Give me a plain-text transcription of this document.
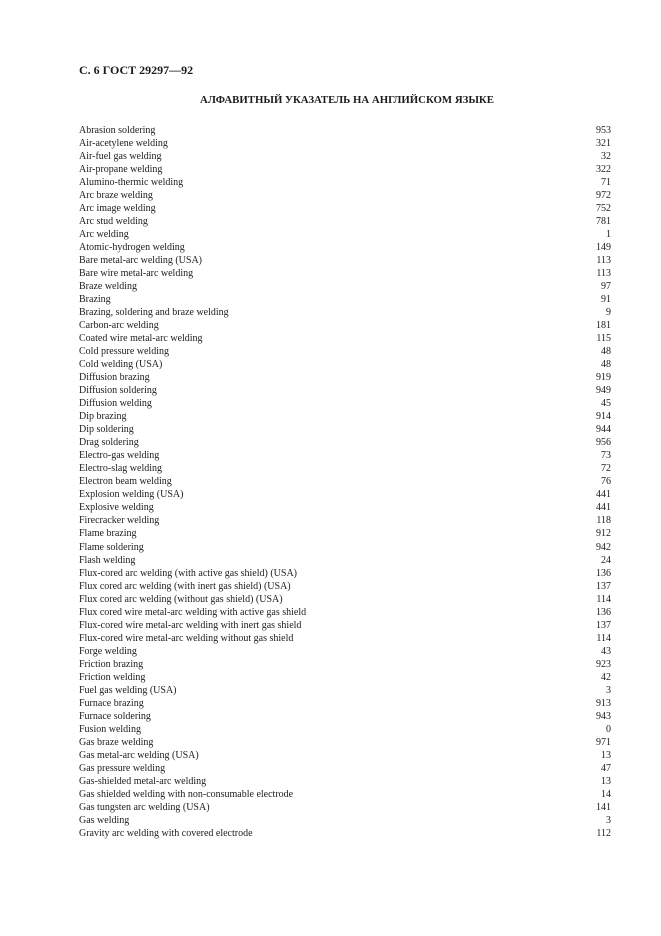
С. 6 ГОСТ 29297—92
АЛФАВИТНЫЙ УКАЗАТЕЛЬ НА АНГЛИЙСКОМ ЯЗЫКЕ
Abrasion soldering	953
Air-acetylene welding	321
Air-fuel gas welding	32
Air-propane welding	322
Alumino-thermic welding	71
Arc braze welding	972
Arc image welding	752
Arc stud welding	781
Arc welding	1
Atomic-hydrogen welding	149
Bare metal-arc welding (USA)	113
Bare wire metal-arc welding	113
Braze welding	97
Brazing	91
Brazing, soldering and braze welding	9
Carbon-arc welding	181
Coated wire metal-arc welding	115
Cold pressure welding	48
Cold welding (USA)	48
Diffusion brazing	919
Diffusion soldering	949
Diffusion welding	45
Dip brazing	914
Dip soldering	944
Drag soldering	956
Electro-gas welding	73
Electro-slag welding	72
Electron beam welding	76
Explosion welding (USA)	441
Explosive welding	441
Firecracker welding	118
Flame brazing	912
Flame soldering	942
Flash welding	24
Flux-cored arc welding (with active gas shield) (USA)	136
Flux cored arc welding (with inert gas shield) (USA)	137
Flux cored arc welding (without gas shield) (USA)	114
Flux cored wire metal-arc welding with active gas shield	136
Flux-cored wire metal-arc welding with inert gas shield	137
Flux-cored wire metal-arc welding without gas shield	114
Forge welding	43
Friction brazing	923
Friction welding	42
Fuel gas welding (USA)	3
Furnace brazing	913
Furnace soldering	943
Fusion welding	0
Gas braze welding	971
Gas metal-arc welding (USA)	13
Gas pressure welding	47
Gas-shielded metal-arc welding	13
Gas shielded welding with non-consumable electrode	14
Gas tungsten arc welding (USA)	141
Gas welding	3
Gravity arc welding with covered electrode	112
